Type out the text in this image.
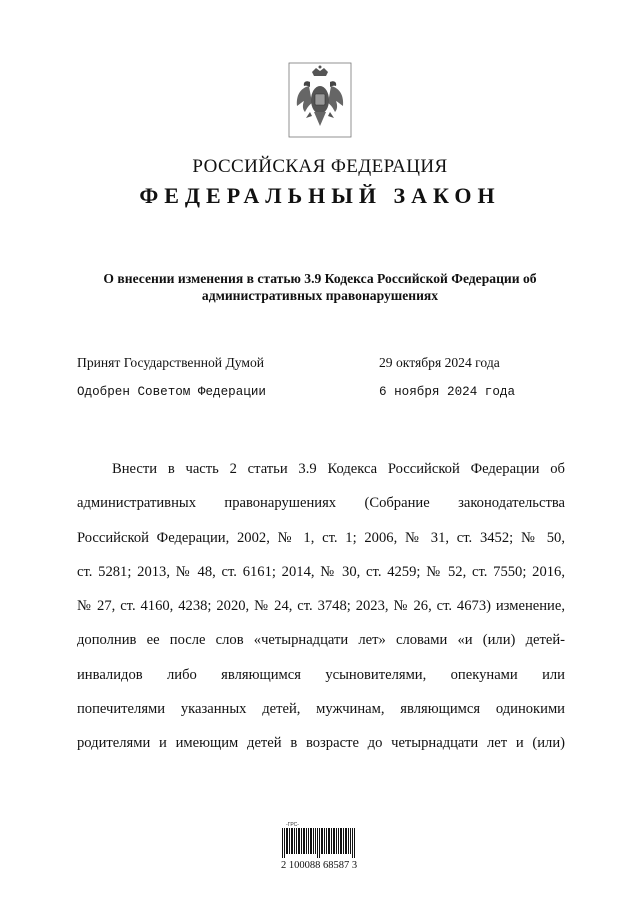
РОССИЙСКАЯ ФЕДЕРАЦИЯ
ФЕДЕРАЛЬНЫЙ ЗАКОН
О внесении изменения в статью 3.9 Кодекса Российской Федерации об административных правонарушениях
Принят Государственной Думой	29 октября 2024 года
Одобрен Советом Федерации	6 ноября 2024 года
Внести в часть 2 статьи 3.9 Кодекса Российской Федерации об
административных правонарушениях (Собрание законодательства
Российской Федерации, 2002, № 1, ст. 1; 2006, № 31, ст. 3452; № 50,
ст. 5281; 2013, № 48, ст. 6161; 2014, № 30, ст. 4259; № 52, ст. 7550; 2016,
№ 27, ст. 4160, 4238; 2020, № 24, ст. 3748; 2023, № 26, ст. 4673) изменение,
дополнив ее после слов «четырнадцати лет» словами «и (или) детей-
инвалидов либо являющимся усыновителями, опекунами или
попечителями указанных детей, мужчинам, являющимся одинокими
родителями и имеющим детей в возрасте до четырнадцати лет и (или)
-ГРС-
2 100088 68587 3
